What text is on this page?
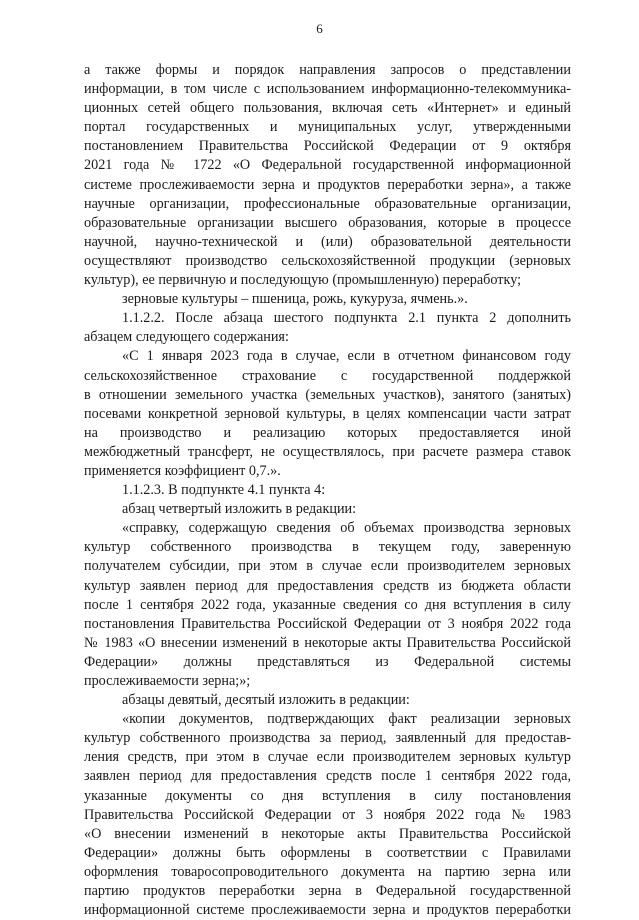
6
а также формы и порядок направления запросов о представлении
информации, в том числе с использованием информационно-телекоммуника-
ционных сетей общего пользования, включая сеть «Интернет» и единый
портал государственных и муниципальных услуг, утвержденными
постановлением Правительства Российской Федерации от 9 октября
2021 года № 1722 «О Федеральной государственной информационной
системе прослеживаемости зерна и продуктов переработки зерна», а также
научные организации, профессиональные образовательные организации,
образовательные организации высшего образования, которые в процессе
научной, научно-технической и (или) образовательной деятельности
осуществляют производство сельскохозяйственной продукции (зерновых
культур), ее первичную и последующую (промышленную) переработку;
зерновые культуры – пшеница, рожь, кукуруза, ячмень.».
1.1.2.2. После абзаца шестого подпункта 2.1 пункта 2 дополнить
абзацем следующего содержания:
«С 1 января 2023 года в случае, если в отчетном финансовом году
сельскохозяйственное страхование с государственной поддержкой
в отношении земельного участка (земельных участков), занятого (занятых)
посевами конкретной зерновой культуры, в целях компенсации части затрат
на производство и реализацию которых предоставляется иной
межбюджетный трансферт, не осуществлялось, при расчете размера ставок
применяется коэффициент 0,7.».
1.1.2.3. В подпункте 4.1 пункта 4:
абзац четвертый изложить в редакции:
«справку, содержащую сведения об объемах производства зерновых
культур собственного производства в текущем году, заверенную
получателем субсидии, при этом в случае если производителем зерновых
культур заявлен период для предоставления средств из бюджета области
после 1 сентября 2022 года, указанные сведения со дня вступления в силу
постановления Правительства Российской Федерации от 3 ноября 2022 года
№ 1983 «О внесении изменений в некоторые акты Правительства Российской
Федерации» должны представляться из Федеральной системы
прослеживаемости зерна;»;
абзацы девятый, десятый изложить в редакции:
«копии документов, подтверждающих факт реализации зерновых
культур собственного производства за период, заявленный для предостав-
ления средств, при этом в случае если производителем зерновых культур
заявлен период для предоставления средств после 1 сентября 2022 года,
указанные документы со дня вступления в силу постановления
Правительства Российской Федерации от 3 ноября 2022 года № 1983
«О внесении изменений в некоторые акты Правительства Российской
Федерации» должны быть оформлены в соответствии с Правилами
оформления товаросопроводительного документа на партию зерна или
партию продуктов переработки зерна в Федеральной государственной
информационной системе прослеживаемости зерна и продуктов переработки
